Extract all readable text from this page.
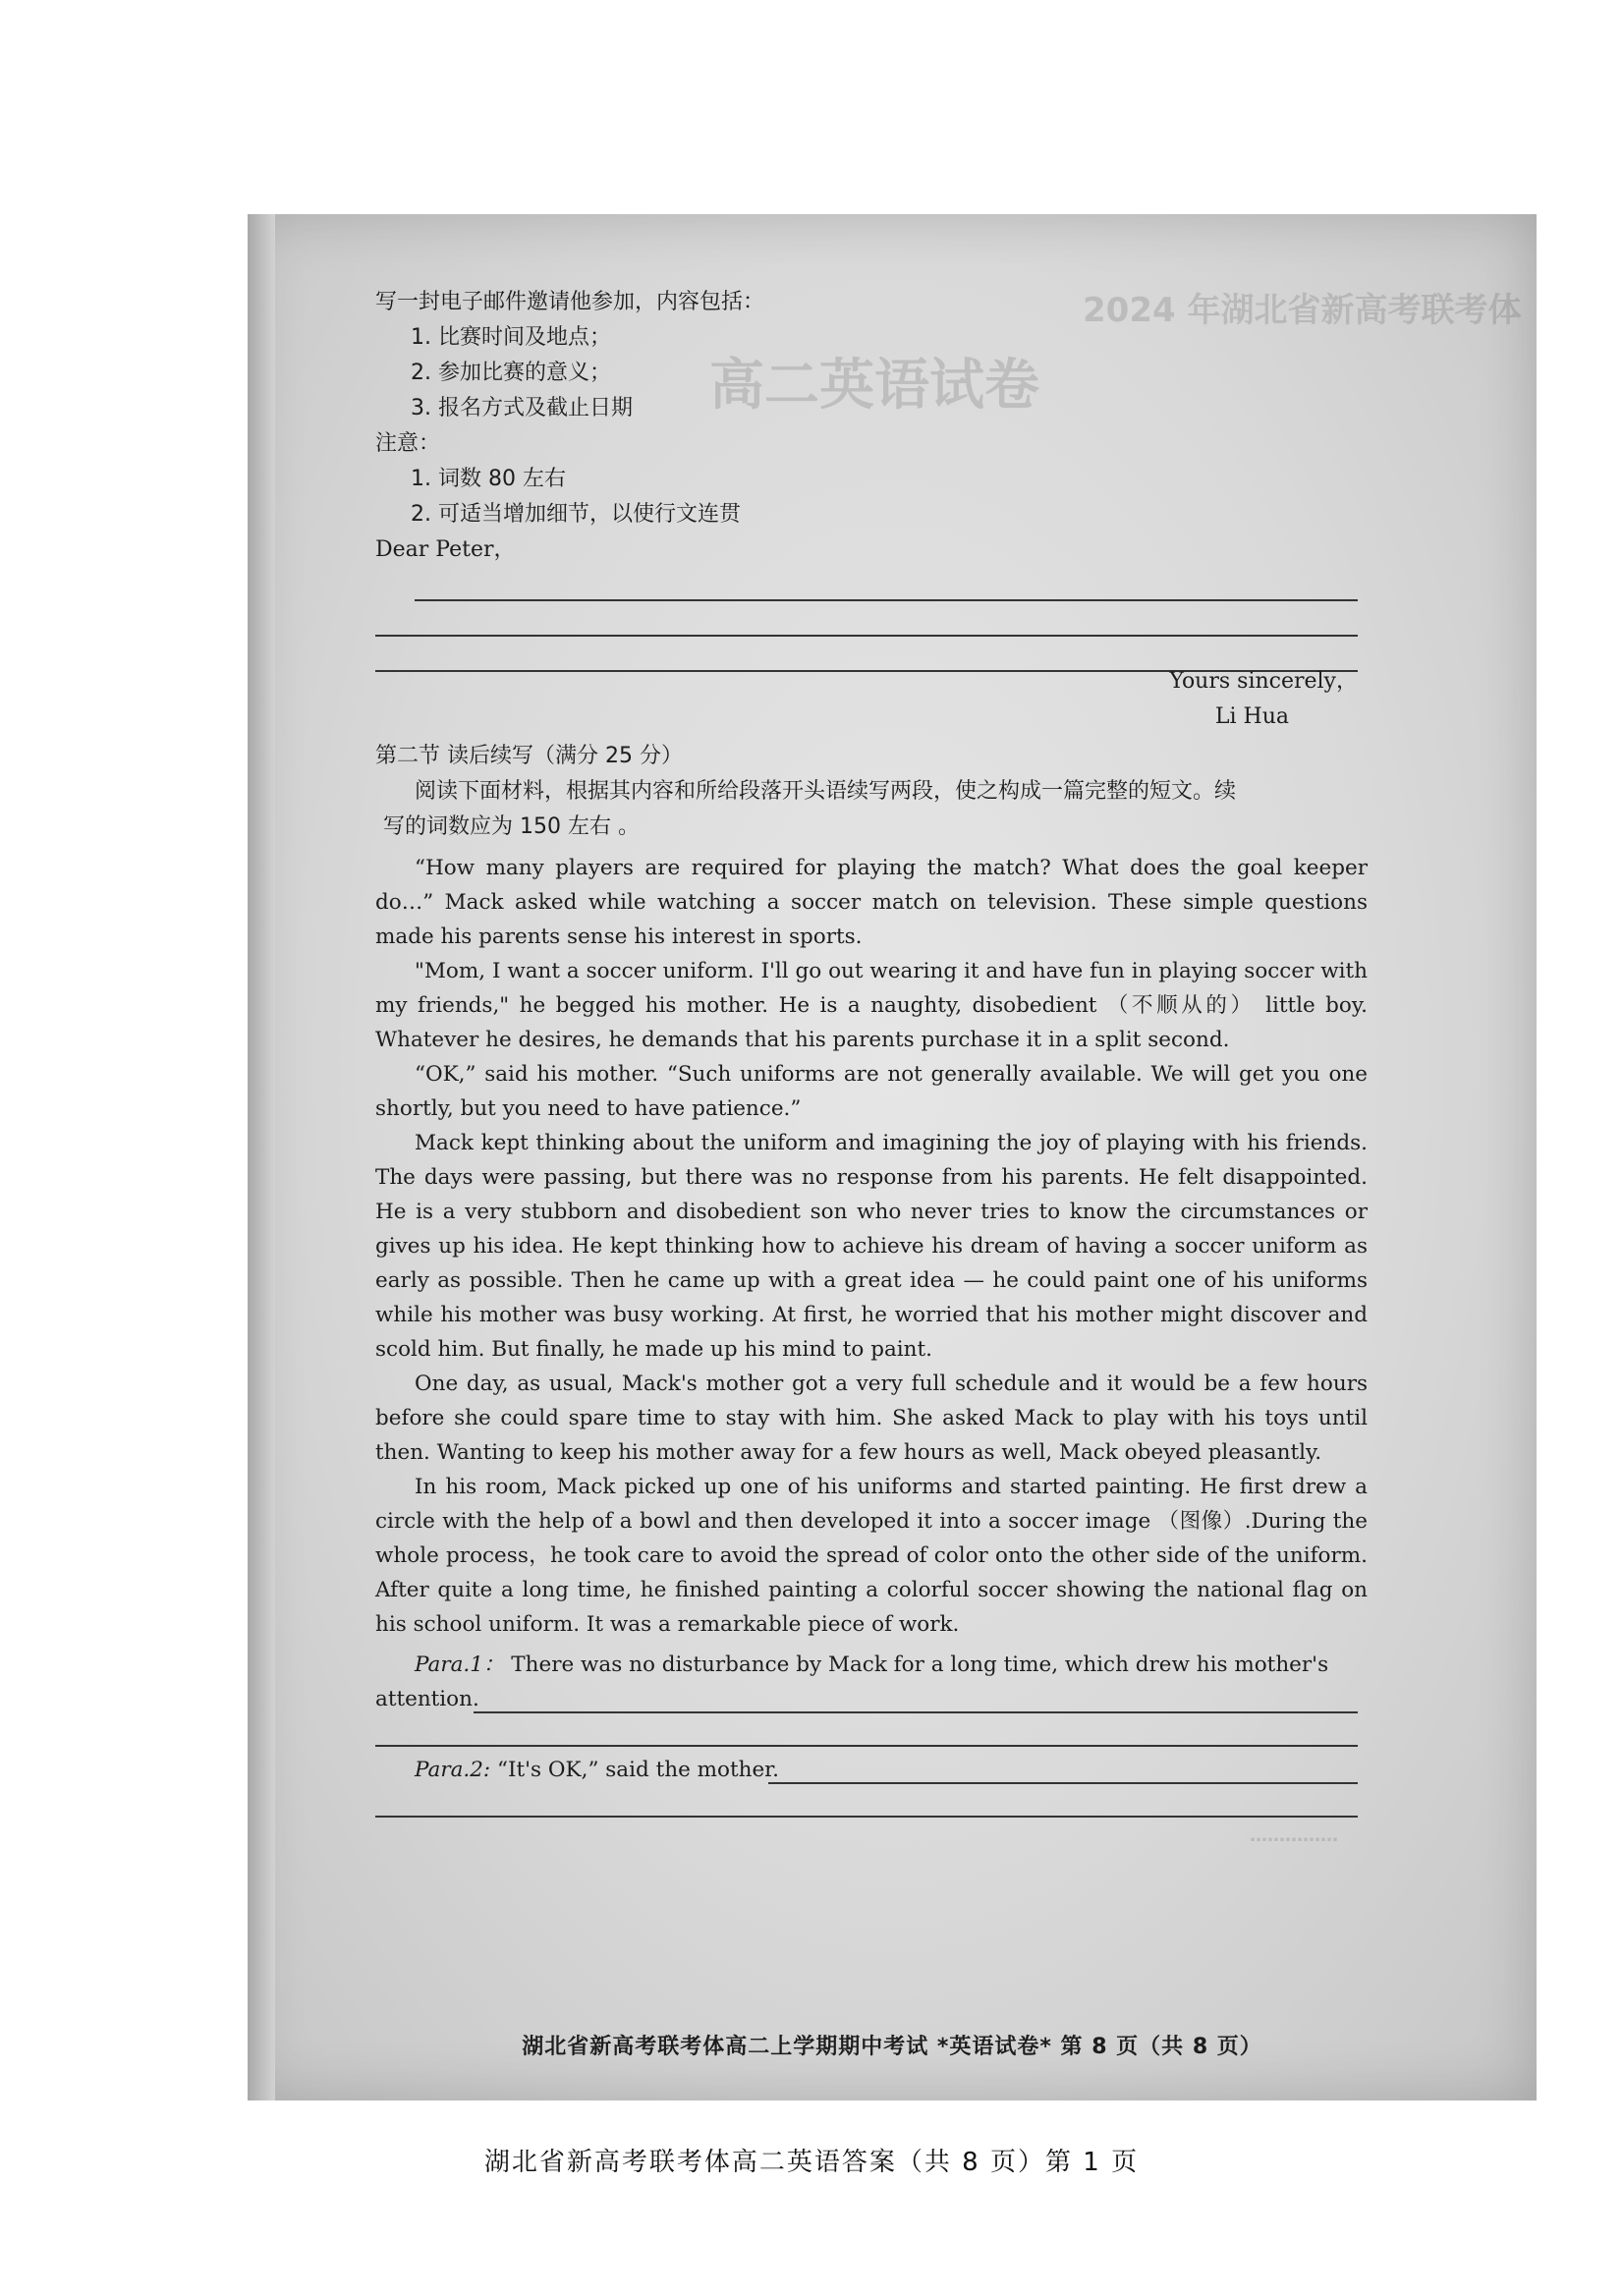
2024 年湖北省新高考联考体
高二英语试卷
写一封电子邮件邀请他参加，内容包括：
1. 比赛时间及地点；
2. 参加比赛的意义；
3. 报名方式及截止日期
注意：
1. 词数 80 左右
2. 可适当增加细节，以使行文连贯
Dear Peter，
Yours sincerely，
Li Hua
第二节 读后续写（满分 25 分）
阅读下面材料，根据其内容和所给段落开头语续写两段，使之构成一篇完整的短文。续
写的词数应为 150 左右 。

“How many players are required for playing the match? What does the goal keeper do…” Mack asked while watching a soccer match on television. These simple questions made his parents sense his interest in sports.

"Mom, I want a soccer uniform. I'll go out wearing it and have fun in playing soccer with my friends," he begged his mother. He is a naughty, disobedient （不顺从的） little boy. Whatever he desires, he demands that his parents purchase it in a split second.

“OK,” said his mother. “Such uniforms are not generally available. We will get you one shortly, but you need to have patience.”

Mack kept thinking about the uniform and imagining the joy of playing with his friends. The days were passing, but there was no response from his parents. He felt disappointed. He is a very stubborn and disobedient son who never tries to know the circumstances or gives up his idea. He kept thinking how to achieve his dream of having a soccer uniform as early as possible. Then he came up with a great idea — he could paint one of his uniforms while his mother was busy working. At first, he worried that his mother might discover and scold him. But finally, he made up his mind to paint.

One day, as usual, Mack's mother got a very full schedule and it would be a few hours before she could spare time to stay with him. She asked Mack to play with his toys until then. Wanting to keep his mother away for a few hours as well, Mack obeyed pleasantly.

In his room, Mack picked up one of his uniforms and started painting. He first drew a circle with the help of a bowl and then developed it into a soccer image （图像）.During the whole process，he took care to avoid the spread of color onto the other side of the uniform. After quite a long time, he finished painting a colorful soccer showing the national flag on his school uniform. It was a remarkable piece of work.

Para.1： There was no disturbance by Mack for a long time, which drew his mother's
attention.
Para.2: “It's OK,” said the mother.
……………
湖北省新高考联考体高二上学期期中考试 *英语试卷* 第 8 页（共 8 页）
湖北省新高考联考体高二英语答案（共 8 页）第 1 页
